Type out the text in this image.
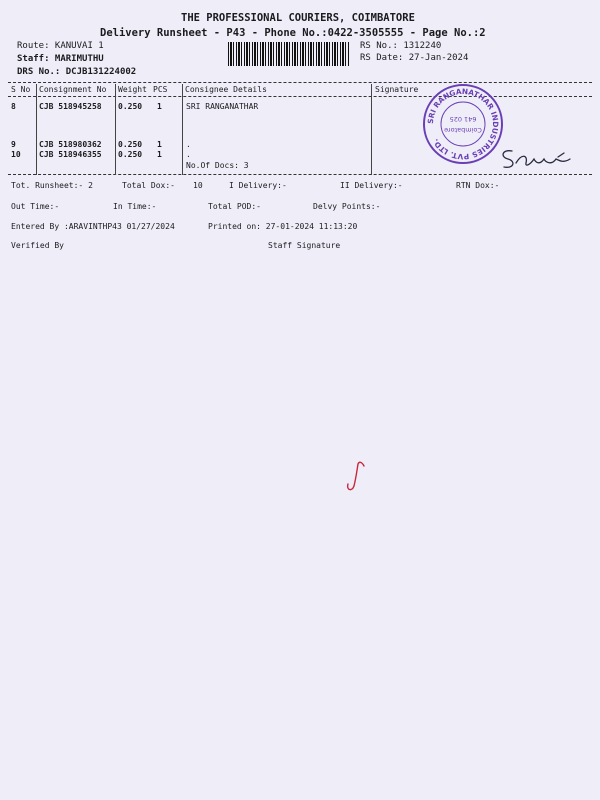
THE PROFESSIONAL COURIERS, COIMBATORE
Delivery Runsheet - P43 - Phone No.:0422-3505555 - Page No.:2
Route: KANUVAI 1
Staff: MARIMUTHU
DRS No.: DCJB131224002
RS No.: 1312240
RS Date: 27-Jan-2024
S No Consignment No Weight PCS Consignee Details	Signature
8	CJB 518945258 0.250 1	SRI RANGANATHAR
9	CJB 518980362 0.250 1	.
10 CJB 518946355 0.250 1	.
No.Of Docs: 3
SRI RANGANATHAR INDUSTRIES PVT. LTD.
Coimbatore
641 025
Tot. Runsheet:- 2	Total Dox:- 10	I Delivery:-	II Delivery:-	RTN Dox:-
Out Time:-	In Time:-	Total POD:-	Delvy Points:-
Entered By :ARAVINTHP43 01/27/2024	Printed on: 27-01-2024 11:13:20
Verified By	Staff Signature
